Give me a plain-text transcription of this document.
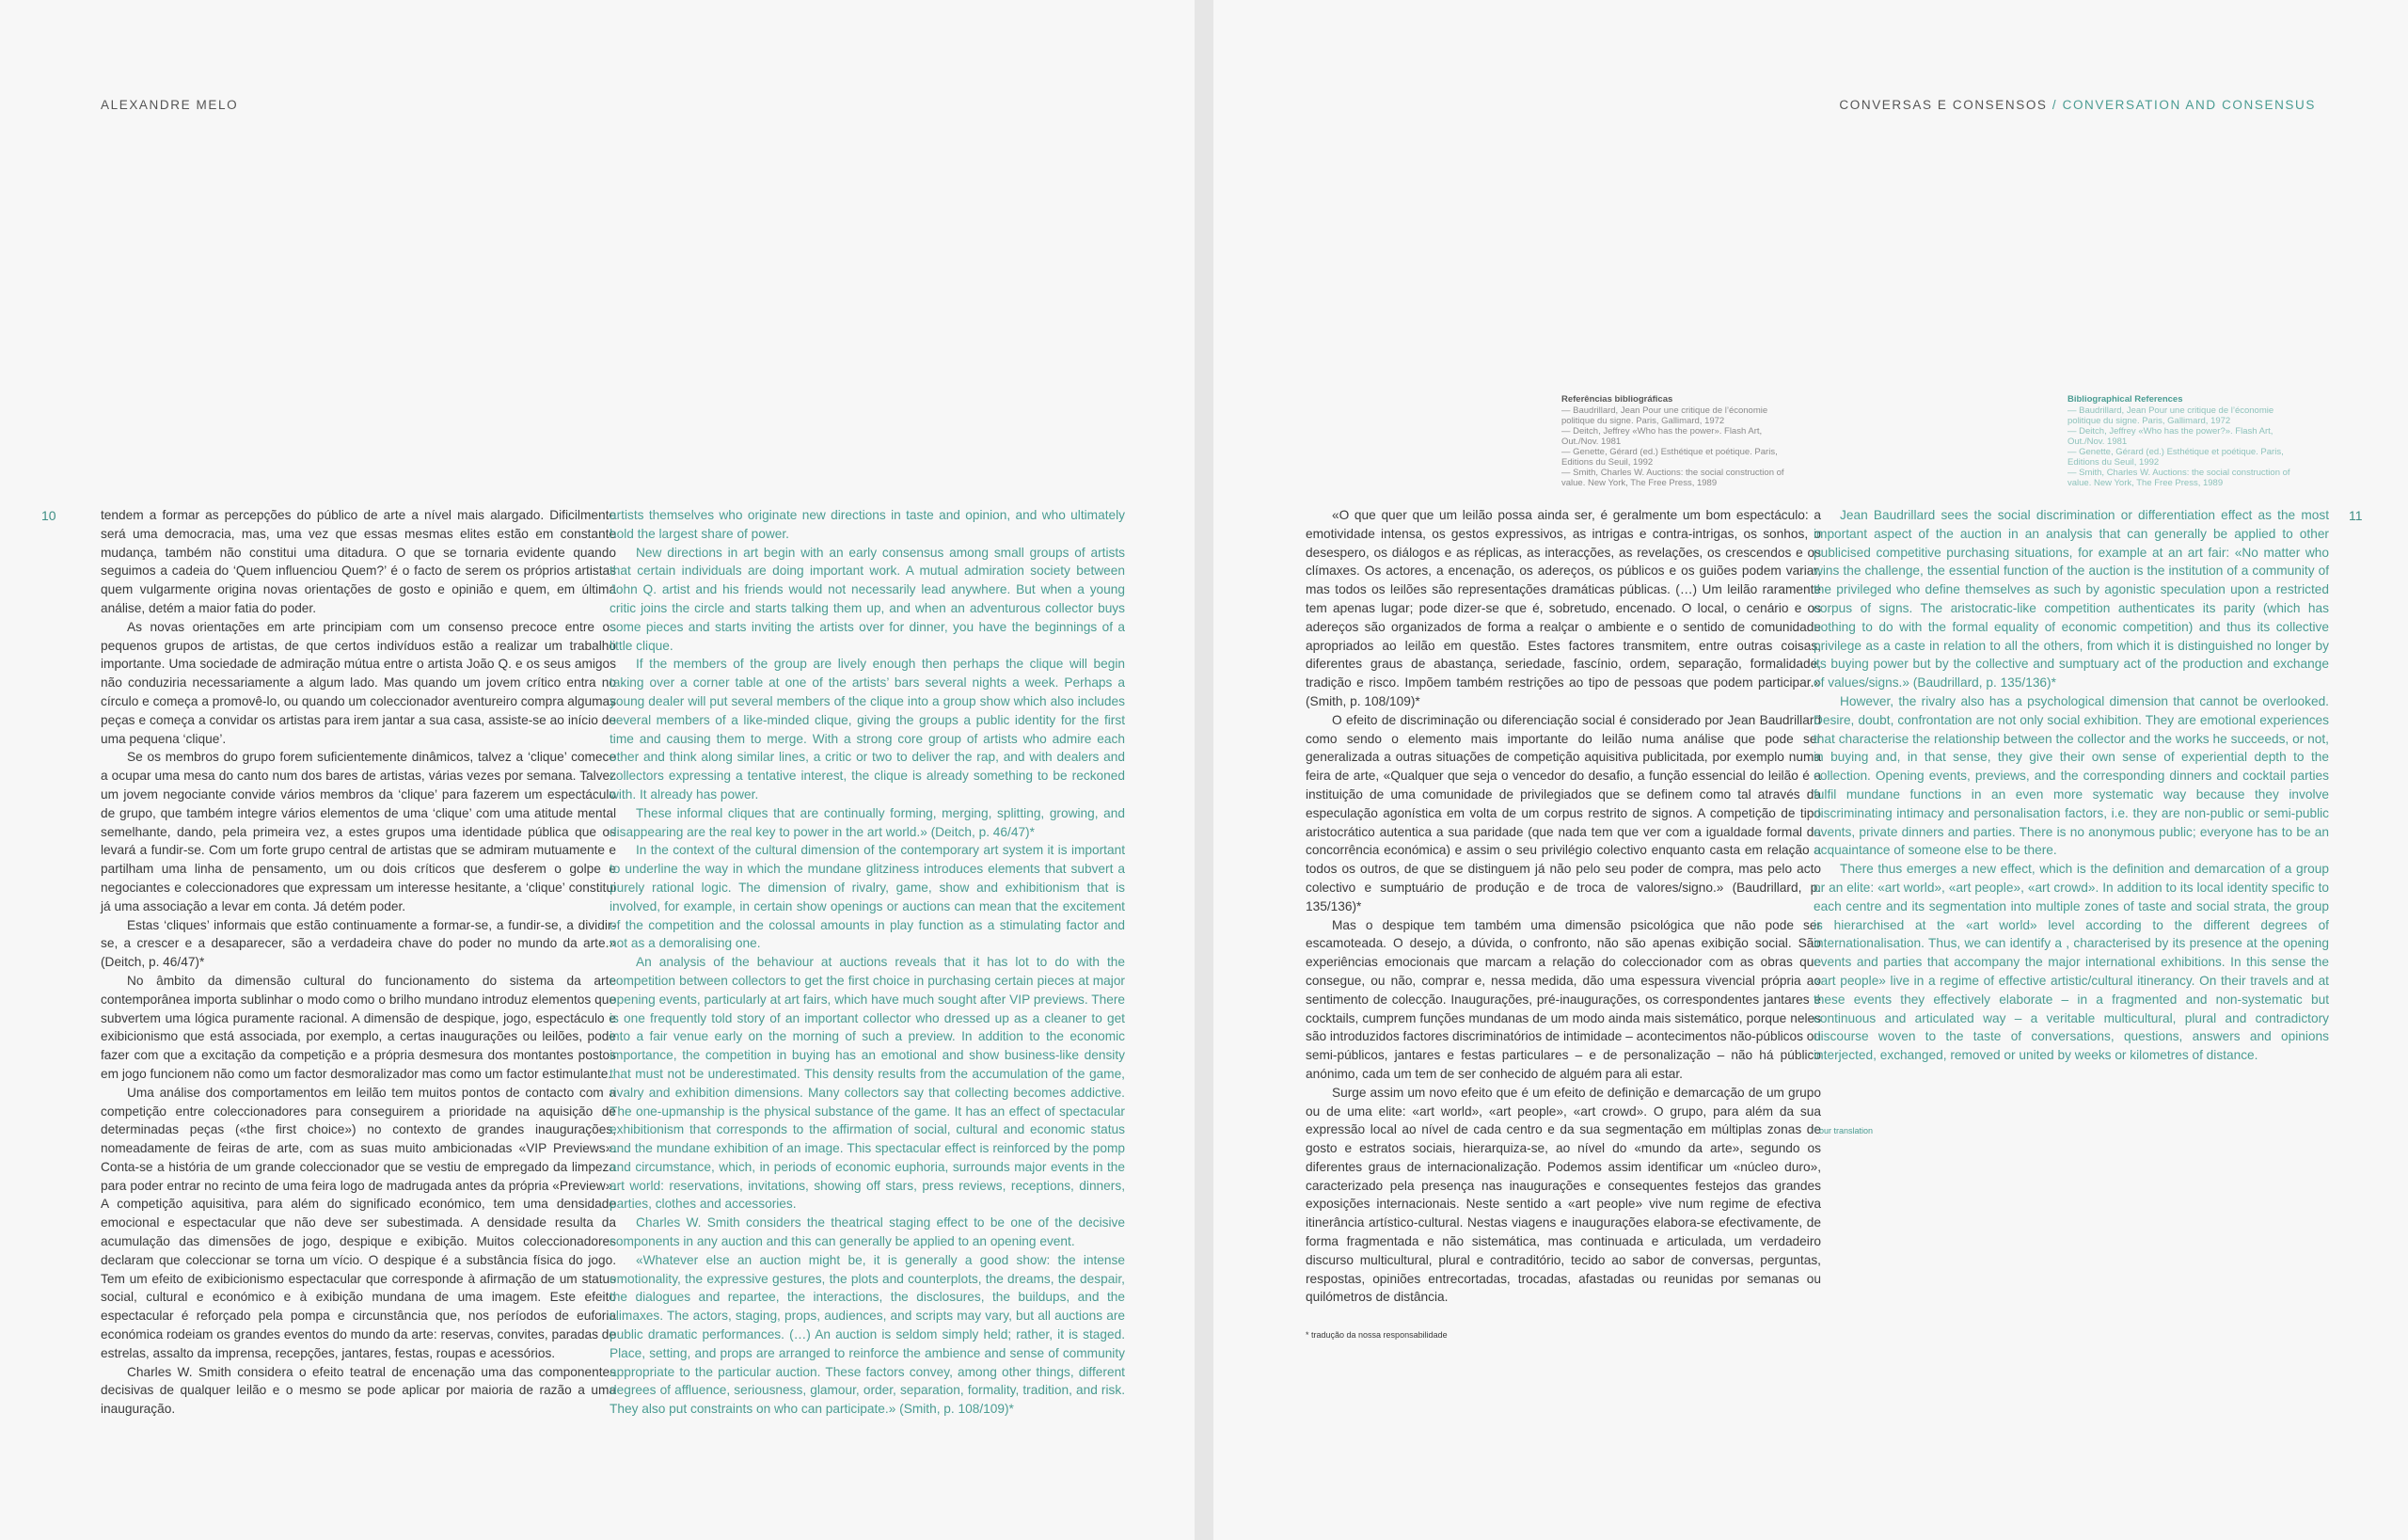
ALEXANDRE MELO
10	tendem a formar as percepções do público de arte a nível mais alargado. Dificilmente será uma democracia, mas, uma vez que essas mesmas elites estão em constante mudança, também não constitui uma ditadura. O que se tornaria evidente quando seguimos a cadeia do ‘Quem influenciou Quem?’ é o facto de serem os próprios artistas quem vulgarmente origina novas orientações de gosto e opinião e quem, em última análise, detém a maior fatia do poder.

As novas orientações em arte principiam com um consenso precoce entre os pequenos grupos de artistas, de que certos indivíduos estão a realizar um trabalho importante. Uma sociedade de admiração mútua entre o artista João Q. e os seus amigos não conduziria necessariamente a algum lado. Mas quando um jovem crítico entra no círculo e começa a promovê-lo, ou quando um coleccionador aventureiro compra algumas peças e começa a convidar os artistas para irem jantar a sua casa, assiste-se ao início de uma pequena ‘clique’.

Se os membros do grupo forem suficientemente dinâmicos, talvez a ‘clique’ comece a ocupar uma mesa do canto num dos bares de artistas, várias vezes por semana. Talvez um jovem negociante convide vários membros da ‘clique’ para fazerem um espectáculo de grupo, que também integre vários elementos de uma ‘clique’ com uma atitude mental semelhante, dando, pela primeira vez, a estes grupos uma identidade pública que os levará a fundir-se. Com um forte grupo central de artistas que se admiram mutuamente e partilham uma linha de pensamento, um ou dois críticos que desferem o golpe e negociantes e coleccionadores que expressam um interesse hesitante, a ‘clique’ constitui já uma associação a levar em conta. Já detém poder.

Estas ‘cliques’ informais que estão continuamente a formar-se, a fundir-se, a dividir-se, a crescer e a desaparecer, são a verdadeira chave do poder no mundo da arte.» (Deitch, p. 46/47)*

No âmbito da dimensão cultural do funcionamento do sistema da arte contemporânea importa sublinhar o modo como o brilho mundano introduz elementos que subvertem uma lógica puramente racional. A dimensão de despique, jogo, espectáculo e exibicionismo que está associada, por exemplo, a certas inaugurações ou leilões, pode fazer com que a excitação da competição e a própria desmesura dos montantes postos em jogo funcionem não como um factor desmoralizador mas como um factor estimulante.

Uma análise dos comportamentos em leilão tem muitos pontos de contacto com a competição entre coleccionadores para conseguirem a prioridade na aquisição de determinadas peças («the first choice») no contexto de grandes inaugurações, nomeadamente de feiras de arte, com as suas muito ambicionadas «VIP Previews». Conta-se a história de um grande coleccionador que se vestiu de empregado da limpeza para poder entrar no recinto de uma feira logo de madrugada antes da própria «Preview». A competição aquisitiva, para além do significado económico, tem uma densidade emocional e espectacular que não deve ser subestimada. A densidade resulta da acumulação das dimensões de jogo, despique e exibição. Muitos coleccionadores declaram que coleccionar se torna um vício. O despique é a substância física do jogo. Tem um efeito de exibicionismo espectacular que corresponde à afirmação de um status social, cultural e económico e à exibição mundana de uma imagem. Este efeito espectacular é reforçado pela pompa e circunstância que, nos períodos de euforia económica rodeiam os grandes eventos do mundo da arte: reservas, convites, paradas de estrelas, assalto da imprensa, recepções, jantares, festas, roupas e acessórios.

Charles W. Smith considera o efeito teatral de encenação uma das componentes decisivas de qualquer leilão e o mesmo se pode aplicar por maioria de razão a uma inauguração.

artists themselves who originate new directions in taste and opinion, and who ultimately hold the largest share of power.

New directions in art begin with an early consensus among small groups of artists that certain individuals are doing important work. A mutual admiration society between John Q. artist and his friends would not necessarily lead anywhere. But when a young critic joins the circle and starts talking them up, and when an adventurous collector buys some pieces and starts inviting the artists over for dinner, you have the beginnings of a little clique.

If the members of the group are lively enough then perhaps the clique will begin taking over a corner table at one of the artists’ bars several nights a week. Perhaps a young dealer will put several members of the clique into a group show which also includes several members of a like-minded clique, giving the groups a public identity for the first time and causing them to merge. With a strong core group of artists who admire each other and think along similar lines, a critic or two to deliver the rap, and with dealers and collectors expressing a tentative interest, the clique is already something to be reckoned with. It already has power.

These informal cliques that are continually forming, merging, splitting, growing, and disappearing are the real key to power in the art world.» (Deitch, p. 46/47)*

In the context of the cultural dimension of the contemporary art system it is important to underline the way in which the mundane glitziness introduces elements that subvert a purely rational logic. The dimension of rivalry, game, show and exhibitionism that is involved, for example, in certain show openings or auctions can mean that the excitement of the competition and the colossal amounts in play function as a stimulating factor and not as a demoralising one.

An analysis of the behaviour at auctions reveals that it has lot to do with the competition between collectors to get the first choice in purchasing certain pieces at major opening events, particularly at art fairs, which have much sought after VIP previews. There is one frequently told story of an important collector who dressed up as a cleaner to get into a fair venue early on the morning of such a preview. In addition to the economic importance, the competition in buying has an emotional and show business-like density that must not be underestimated. This density results from the accumulation of the game, rivalry and exhibition dimensions. Many collectors say that collecting becomes addictive. The one-upmanship is the physical substance of the game. It has an effect of spectacular exhibitionism that corresponds to the affirmation of social, cultural and economic status and the mundane exhibition of an image. This spectacular effect is reinforced by the pomp and circumstance, which, in periods of economic euphoria, surrounds major events in the art world: reservations, invitations, showing off stars, press reviews, receptions, dinners, parties, clothes and accessories.

Charles W. Smith considers the theatrical staging effect to be one of the decisive components in any auction and this can generally be applied to an opening event.

«Whatever else an auction might be, it is generally a good show: the intense emotionality, the expressive gestures, the plots and counterplots, the dreams, the despair, the dialogues and repartee, the interactions, the disclosures, the buildups, and the climaxes. The actors, staging, props, audiences, and scripts may vary, but all auctions are public dramatic performances. (…) An auction is seldom simply held; rather, it is staged. Place, setting, and props are arranged to reinforce the ambience and sense of community appropriate to the particular auction. These factors convey, among other things, different degrees of affluence, seriousness, glamour, order, separation, formality, tradition, and risk. They also put constraints on who can participate.» (Smith, p. 108/109)*

CONVERSAS E CONSENSOS / CONVERSATION AND CONSENSUS
11
Referências bibliográficas

— Baudrillard, Jean Pour une critique de l’économie politique du signe. Paris, Gallimard, 1972

— Deitch, Jeffrey «Who has the power». Flash Art, Out./Nov. 1981

— Genette, Gérard (ed.) Esthétique et poétique. Paris, Editions du Seuil, 1992

— Smith, Charles W. Auctions: the social construction of value. New York, The Free Press, 1989

Bibliographical References

— Baudrillard, Jean Pour une critique de l’économie politique du signe. Paris, Gallimard, 1972

— Deitch, Jeffrey «Who has the power?». Flash Art, Out./Nov. 1981

— Genette, Gérard (ed.) Esthétique et poétique. Paris, Editions du Seuil, 1992

— Smith, Charles W. Auctions: the social construction of value. New York, The Free Press, 1989

«O que quer que um leilão possa ainda ser, é geralmente um bom espectáculo: a emotividade intensa, os gestos expressivos, as intrigas e contra-intrigas, os sonhos, o desespero, os diálogos e as réplicas, as interacções, as revelações, os crescendos e os clímaxes. Os actores, a encenação, os adereços, os públicos e os guiões podem variar, mas todos os leilões são representações dramáticas públicas. (…) Um leilão raramente tem apenas lugar; pode dizer-se que é, sobretudo, encenado. O local, o cenário e os adereços são organizados de forma a realçar o ambiente e o sentido de comunidade apropriados ao leilão em questão. Estes factores transmitem, entre outras coisas, diferentes graus de abastança, seriedade, fascínio, ordem, separação, formalidade, tradição e risco. Impõem também restrições ao tipo de pessoas que podem participar.» (Smith, p. 108/109)*

O efeito de discriminação ou diferenciação social é considerado por Jean Baudrillard como sendo o elemento mais importante do leilão numa análise que pode ser generalizada a outras situações de competição aquisitiva publicitada, por exemplo numa feira de arte, «Qualquer que seja o vencedor do desafio, a função essencial do leilão é a instituição de uma comunidade de privilegiados que se definem como tal através da especulação agonística em volta de um corpus restrito de signos. A competição de tipo aristocrático autentica a sua paridade (que nada tem que ver com a igualdade formal da concorrência económica) e assim o seu privilégio colectivo enquanto casta em relação a todos os outros, de que se distinguem já não pelo seu poder de compra, mas pelo acto colectivo e sumptuário de produção e de troca de valores/signo.» (Baudrillard, p. 135/136)*

Mas o despique tem também uma dimensão psicológica que não pode ser escamoteada. O desejo, a dúvida, o confronto, não são apenas exibição social. São experiências emocionais que marcam a relação do coleccionador com as obras que consegue, ou não, comprar e, nessa medida, dão uma espessura vivencial própria ao sentimento de colecção. Inaugurações, pré-inaugurações, os correspondentes jantares e cocktails, cumprem funções mundanas de um modo ainda mais sistemático, porque neles são introduzidos factores discriminatórios de intimidade – acontecimentos não-públicos ou semi-públicos, jantares e festas particulares – e de personalização – não há público anónimo, cada um tem de ser conhecido de alguém para ali estar.

Surge assim um novo efeito que é um efeito de definição e demarcação de um grupo ou de uma elite: «art world», «art people», «art crowd». O grupo, para além da sua expressão local ao nível de cada centro e da sua segmentação em múltiplas zonas de gosto e estratos sociais, hierarquiza-se, ao nível do «mundo da arte», segundo os diferentes graus de internacionalização. Podemos assim identificar um «núcleo duro», caracterizado pela presença nas inaugurações e consequentes festejos das grandes exposições internacionais. Neste sentido a «art people» vive num regime de efectiva itinerância artístico-cultural. Nestas viagens e inaugurações elabora-se efectivamente, de forma fragmentada e não sistemática, mas continuada e articulada, um verdadeiro discurso multicultural, plural e contraditório, tecido ao sabor de conversas, perguntas, respostas, opiniões entrecortadas, trocadas, afastadas ou reunidas por semanas ou quilómetros de distância.

* tradução da nossa responsabilidade

Jean Baudrillard sees the social discrimination or differentiation effect as the most important aspect of the auction in an analysis that can generally be applied to other publicised competitive purchasing situations, for example at an art fair: «No matter who wins the challenge, the essential function of the auction is the institution of a community of the privileged who define themselves as such by agonistic speculation upon a restricted corpus of signs. The aristocratic-like competition authenticates its parity (which has nothing to do with the formal equality of economic competition) and thus its collective privilege as a caste in relation to all the others, from which it is distinguished no longer by its buying power but by the collective and sumptuary act of the production and exchange of values/signs.» (Baudrillard, p. 135/136)*

However, the rivalry also has a psychological dimension that cannot be overlooked. Desire, doubt, confrontation are not only social exhibition. They are emotional experiences that characterise the relationship between the collector and the works he succeeds, or not, in buying and, in that sense, they give their own sense of experiential depth to the collection. Opening events, previews, and the corresponding dinners and cocktail parties fulfil mundane functions in an even more systematic way because they involve discriminating intimacy and personalisation factors, i.e. they are non-public or semi-public events, private dinners and parties. There is no anonymous public; everyone has to be an acquaintance of someone else to be there.

There thus emerges a new effect, which is the definition and demarcation of a group or an elite: «art world», «art people», «art crowd». In addition to its local identity specific to each centre and its segmentation into multiple zones of taste and social strata, the group is hierarchised at the «art world» level according to the different degrees of internationalisation. Thus, we can identify a , characterised by its presence at the opening events and parties that accompany the major international exhibitions. In this sense the «art people» live in a regime of effective artistic/cultural itinerancy. On their travels and at these events they effectively elaborate – in a fragmented and non-systematic but continuous and articulated way – a veritable multicultural, plural and contradictory discourse woven to the taste of conversations, questions, answers and opinions interjected, exchanged, removed or united by weeks or kilometres of distance.

* our translation
